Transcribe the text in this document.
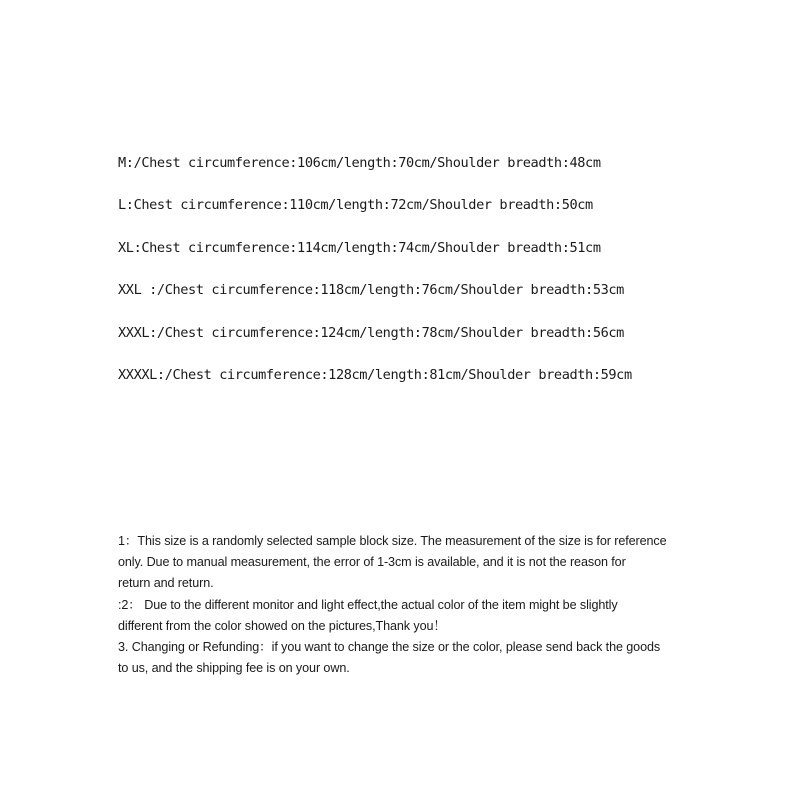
M:/Chest circumference:106cm/length:70cm/Shoulder breadth:48cm
L:Chest circumference:110cm/length:72cm/Shoulder breadth:50cm
XL:Chest circumference:114cm/length:74cm/Shoulder breadth:51cm
XXL :/Chest circumference:118cm/length:76cm/Shoulder breadth:53cm
XXXL:/Chest circumference:124cm/length:78cm/Shoulder breadth:56cm
XXXXL:/Chest circumference:128cm/length:81cm/Shoulder breadth:59cm
1：This size is a randomly selected sample block size. The measurement of the size is for reference
only. Due to manual measurement, the error of 1-3cm is available, and it is not the reason for
return and return.
:2： Due to the different monitor and light effect,the actual color of the item might be slightly
different from the color showed on the pictures,Thank you！
3. Changing or Refunding：if you want to change the size or the color, please send back the goods
to us, and the shipping fee is on your own.
